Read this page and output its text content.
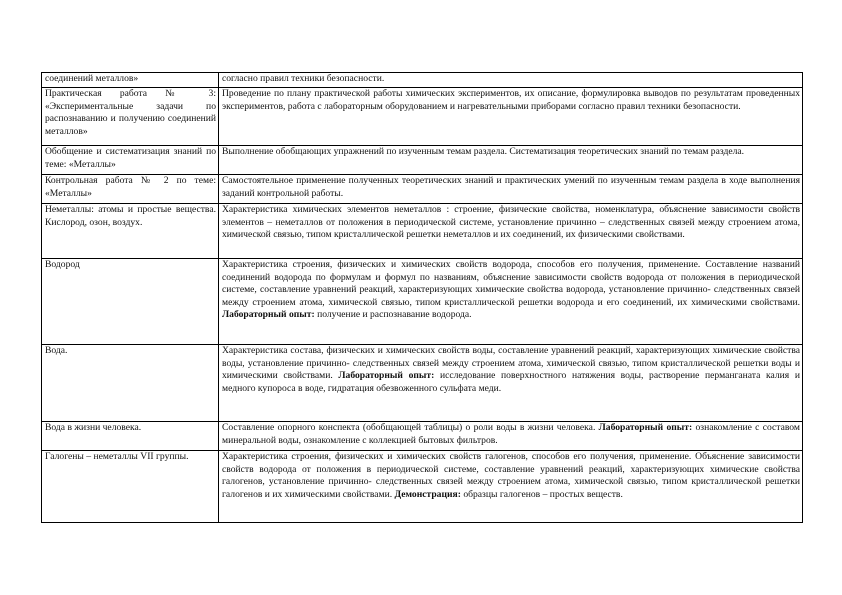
соединений металлов»	согласно правил техники безопасности.
Практическая работа № 3: «Экспериментальные задачи по распознаванию и получению соединений металлов»	Проведение по плану практической работы химических экспериментов, их описание, формулировка выводов по результатам проведенных экспериментов, работа с лабораторным оборудованием и нагревательными приборами согласно правил техники безопасности.
Обобщение и систематизация знаний по теме: «Металлы»	Выполнение обобщающих упражнений по изученным темам раздела. Систематизация теоретических знаний по темам раздела.
Контрольная работа № 2 по теме: «Металлы»	Самостоятельное применение полученных теоретических знаний и практических умений по изученным темам раздела в ходе выполнения заданий контрольной работы.
Неметаллы: атомы и простые вещества. Кислород, озон, воздух.	Характеристика химических элементов неметаллов : строение, физические свойства, номенклатура, объяснение зависимости свойств элементов – неметаллов от положения в периодической системе, установление причинно – следственных связей между строением атома, химической связью, типом кристаллической решетки неметаллов и их соединений, их физическими свойствами.
Водород	Характеристика строения, физических и химических свойств водорода, способов его получения, применение. Составление названий соединений водорода по формулам и формул по названиям, объяснение зависимости свойств водорода от положения в периодической системе, составление уравнений реакций, характеризующих химические свойства водорода, установление причинно- следственных связей между строением атома, химической связью, типом кристаллической решетки водорода и его соединений, их химическими свойствами. Лабораторный опыт: получение и распознавание водорода.
Вода.	Характеристика состава, физических и химических свойств воды, составление уравнений реакций, характеризующих химические свойства воды, установление причинно- следственных связей между строением атома, химической связью, типом кристаллической решетки воды и химическими свойствами. Лабораторный опыт: исследование поверхностного натяжения воды, растворение перманганата калия и медного купороса в воде, гидратация обезвоженного сульфата меди.
Вода в жизни человека.	Составление опорного конспекта (обобщающей таблицы) о роли воды в жизни человека. Лабораторный опыт: ознакомление с составом минеральной воды, ознакомление с коллекцией бытовых фильтров.
Галогены – неметаллы VII группы.	Характеристика строения, физических и химических свойств галогенов, способов его получения, применение. Объяснение зависимости свойств водорода от положения в периодической системе, составление уравнений реакций, характеризующих химические свойства галогенов, установление причинно- следственных связей между строением атома, химической связью, типом кристаллической решетки галогенов и их химическими свойствами. Демонстрация: образцы галогенов – простых веществ.
